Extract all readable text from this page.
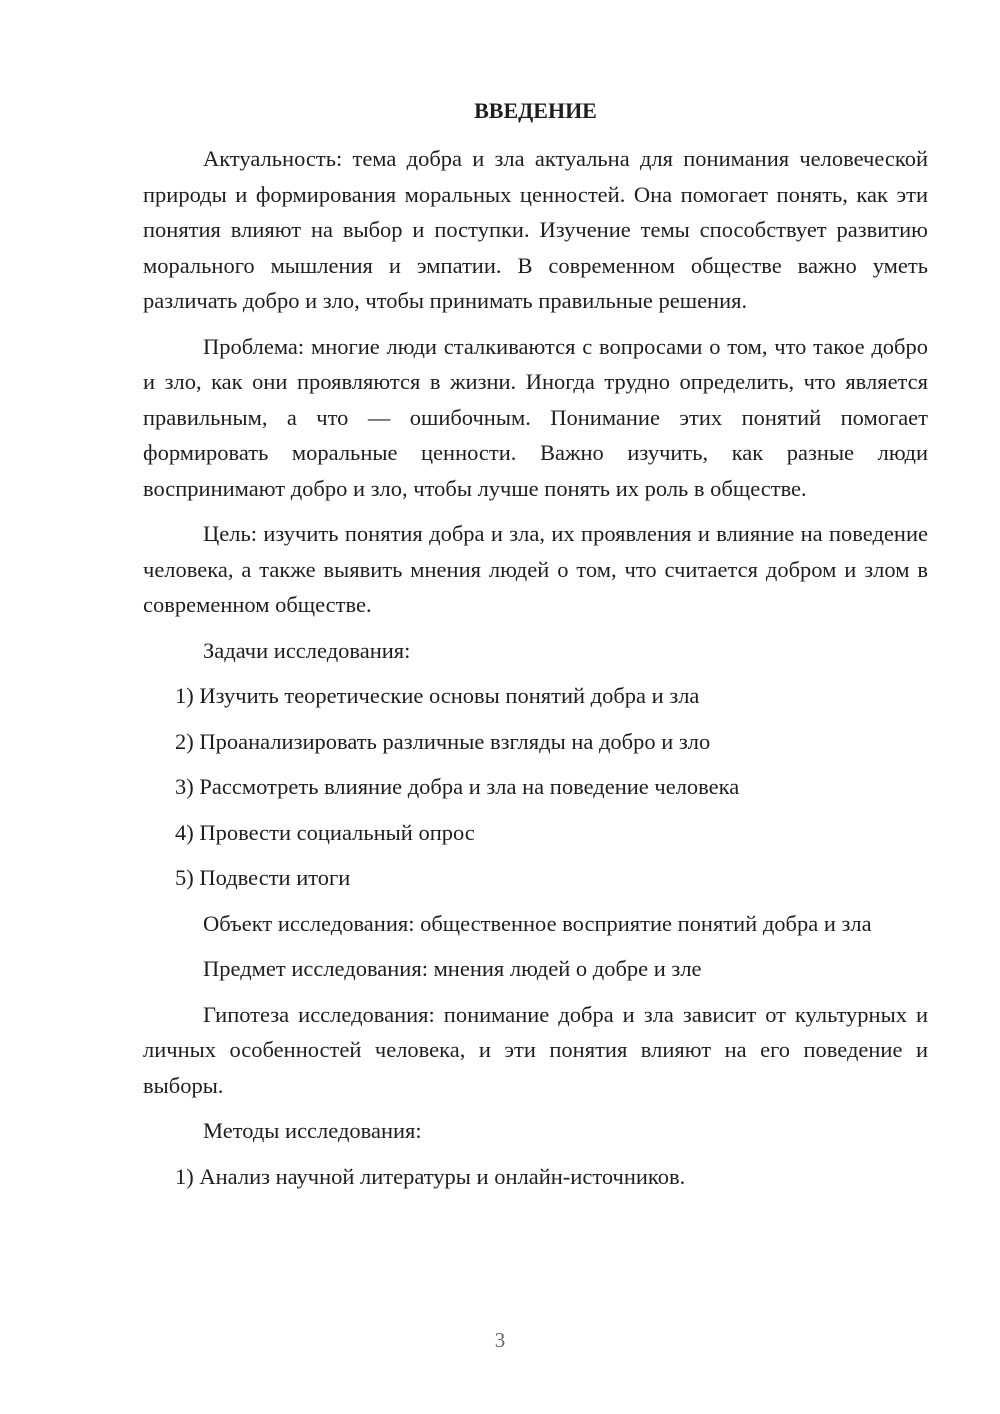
ВВЕДЕНИЕ

Актуальность: тема добра и зла актуальна для понимания человеческой природы и формирования моральных ценностей. Она помогает понять, как эти понятия влияют на выбор и поступки. Изучение темы способствует развитию морального мышления и эмпатии. В современном обществе важно уметь различать добро и зло, чтобы принимать правильные решения.

Проблема: многие люди сталкиваются с вопросами о том, что такое добро и зло, как они проявляются в жизни. Иногда трудно определить, что является правильным, а что — ошибочным. Понимание этих понятий помогает формировать моральные ценности. Важно изучить, как разные люди воспринимают добро и зло, чтобы лучше понять их роль в обществе.

Цель: изучить понятия добра и зла, их проявления и влияние на поведение человека, а также выявить мнения людей о том, что считается добром и злом в современном обществе.

Задачи исследования:

1) Изучить теоретические основы понятий добра и зла
2) Проанализировать различные взгляды на добро и зло
3) Рассмотреть влияние добра и зла на поведение человека
4) Провести социальный опрос
5) Подвести итоги

Объект исследования: общественное восприятие понятий добра и зла

Предмет исследования: мнения людей о добре и зле

Гипотеза исследования: понимание добра и зла зависит от культурных и личных особенностей человека, и эти понятия влияют на его поведение и выборы.

Методы исследования:

1) Анализ научной литературы и онлайн-источников.
3
